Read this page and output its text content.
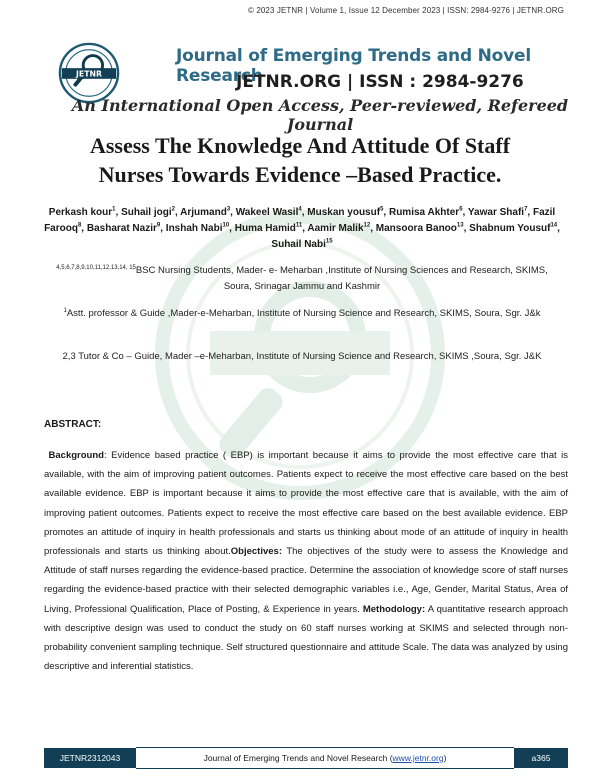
© 2023 JETNR | Volume 1, Issue 12 December 2023 | ISSN: 2984-9276 | JETNR.ORG
JETNR
Journal of Emerging Trends and Novel Research
JETNR.ORG | ISSN : 2984-9276
An International Open Access, Peer-reviewed, Refereed Journal
Assess The Knowledge And Attitude Of Staff
Nurses Towards Evidence –Based Practice.
Perkash kour$^1$, Suhail jogi$^2$, Arjumand$^3$, Wakeel Wasil$^4$, Muskan yousuf$^5$, Rumisa Akhter$^6$, Yawar Shafi$^7$, Fazil Farooq$^8$, Basharat Nazir$^9$, Inshah Nabi$^{10}$, Huma Hamid$^{11}$, Aamir Malik$^{12}$, Mansoora Banoo$^{13}$, Shabnum Yousuf$^{14}$, Suhail Nabi$^{15}$
$^{4,5,6,7,8,9,10,11,12,13,14, 15}$BSC Nursing Students, Mader- e- Meharban ,Institute of Nursing Sciences and Research, SKIMS, Soura, Srinagar Jammu and Kashmir
$^1$Astt. professor & Guide ,Mader-e-Meharban, Institute of Nursing Science and Research, SKIMS, Soura, Sgr. J&k
2,3 Tutor & Co – Guide, Mader –e-Meharban, Institute of Nursing Science and Research, SKIMS ,Soura, Sgr. J&K
ABSTRACT:
Background: Evidence based practice ( EBP) is important because it aims to provide the most effective care that is available, with the aim of improving patient outcomes. Patients expect to receive the most effective care based on the best available evidence. EBP is important because it aims to provide the most effective care that is available, with the aim of improving patient outcomes. Patients expect to receive the most effective care based on the best available evidence. EBP promotes an attitude of inquiry in health professionals and starts us thinking about mode of an attitude of inquiry in health professionals and starts us thinking about.Objectives: The objectives of the study were to assess the Knowledge and Attitude of staff nurses regarding the evidence-based practice. Determine the association of knowledge score of staff nurses regarding the evidence-based practice with their selected demographic variables i.e., Age, Gender, Marital Status, Area of Living, Professional Qualification, Place of Posting, & Experience in years. Methodology: A quantitative research approach with descriptive design was used to conduct the study on 60 staff nurses working at SKIMS and selected through non-probability convenient sampling technique. Self structured questionnaire and attitude Scale. The data was analyzed by using descriptive and inferential statistics.
JETNR2312043	Journal of Emerging Trends and Novel Research ( www.jetnr.org )	a365
